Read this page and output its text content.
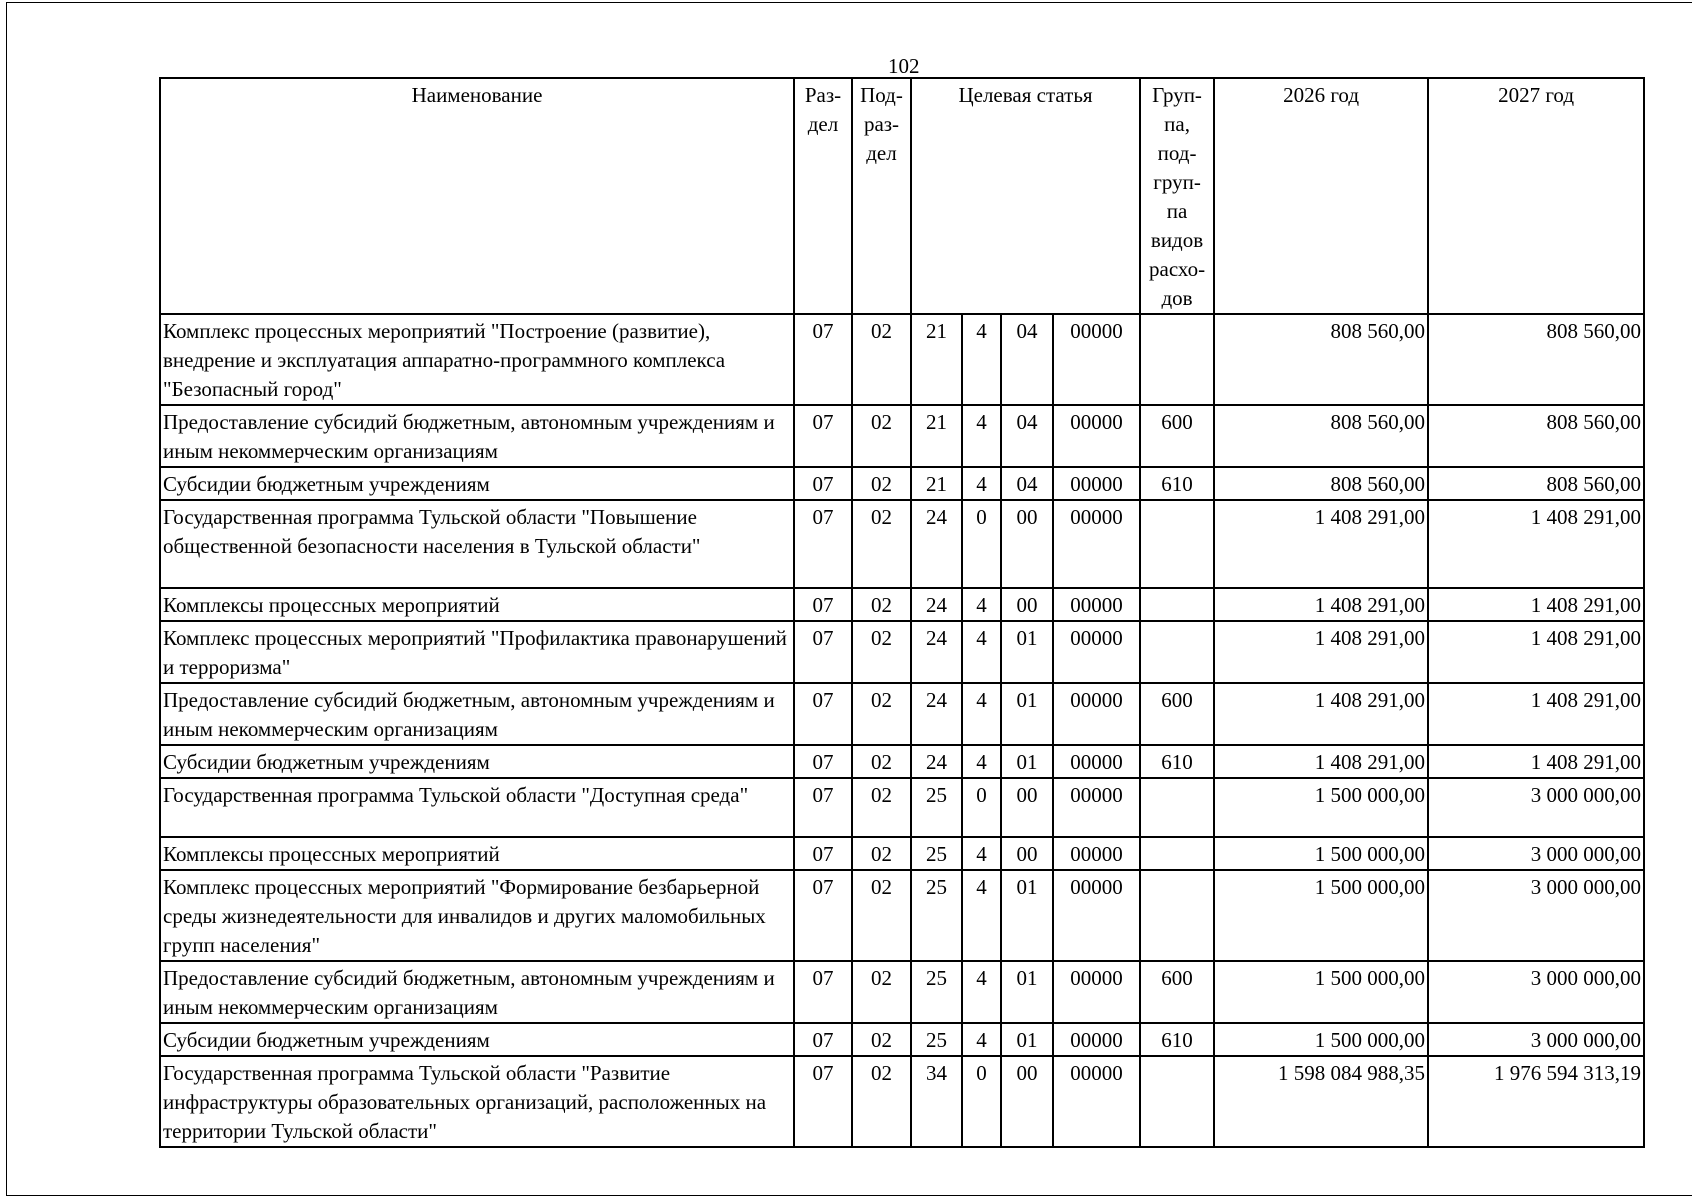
102
Наименование	Раз-дел	Под-раз-дел	Целевая статья				Груп-па, под-груп-па видов расхо-дов	2026 год	2027 год
Комплекс процессных мероприятий "Построение (развитие), внедрение и эксплуатация аппаратно-программного комплекса "Безопасный город"	07	02	21	4	04	00000		808 560,00	808 560,00
Предоставление субсидий бюджетным, автономным учреждениям и иным некоммерческим организациям	07	02	21	4	04	00000	600	808 560,00	808 560,00
Субсидии бюджетным учреждениям	07	02	21	4	04	00000	610	808 560,00	808 560,00
Государственная программа Тульской области "Повышение общественной безопасности населения в Тульской области"	07	02	24	0	00	00000		1 408 291,00	1 408 291,00
Комплексы процессных мероприятий	07	02	24	4	00	00000		1 408 291,00	1 408 291,00
Комплекс процессных мероприятий "Профилактика правонарушений и терроризма"	07	02	24	4	01	00000		1 408 291,00	1 408 291,00
Предоставление субсидий бюджетным, автономным учреждениям и иным некоммерческим организациям	07	02	24	4	01	00000	600	1 408 291,00	1 408 291,00
Субсидии бюджетным учреждениям	07	02	24	4	01	00000	610	1 408 291,00	1 408 291,00
Государственная программа Тульской области "Доступная среда"	07	02	25	0	00	00000		1 500 000,00	3 000 000,00
Комплексы процессных мероприятий	07	02	25	4	00	00000		1 500 000,00	3 000 000,00
Комплекс процессных мероприятий "Формирование безбарьерной среды жизнедеятельности для инвалидов и других маломобильных групп населения"	07	02	25	4	01	00000		1 500 000,00	3 000 000,00
Предоставление субсидий бюджетным, автономным учреждениям и иным некоммерческим организациям	07	02	25	4	01	00000	600	1 500 000,00	3 000 000,00
Субсидии бюджетным учреждениям	07	02	25	4	01	00000	610	1 500 000,00	3 000 000,00
Государственная программа Тульской области "Развитие инфраструктуры образовательных организаций, расположенных на территории Тульской области"	07	02	34	0	00	00000		1 598 084 988,35	1 976 594 313,19
